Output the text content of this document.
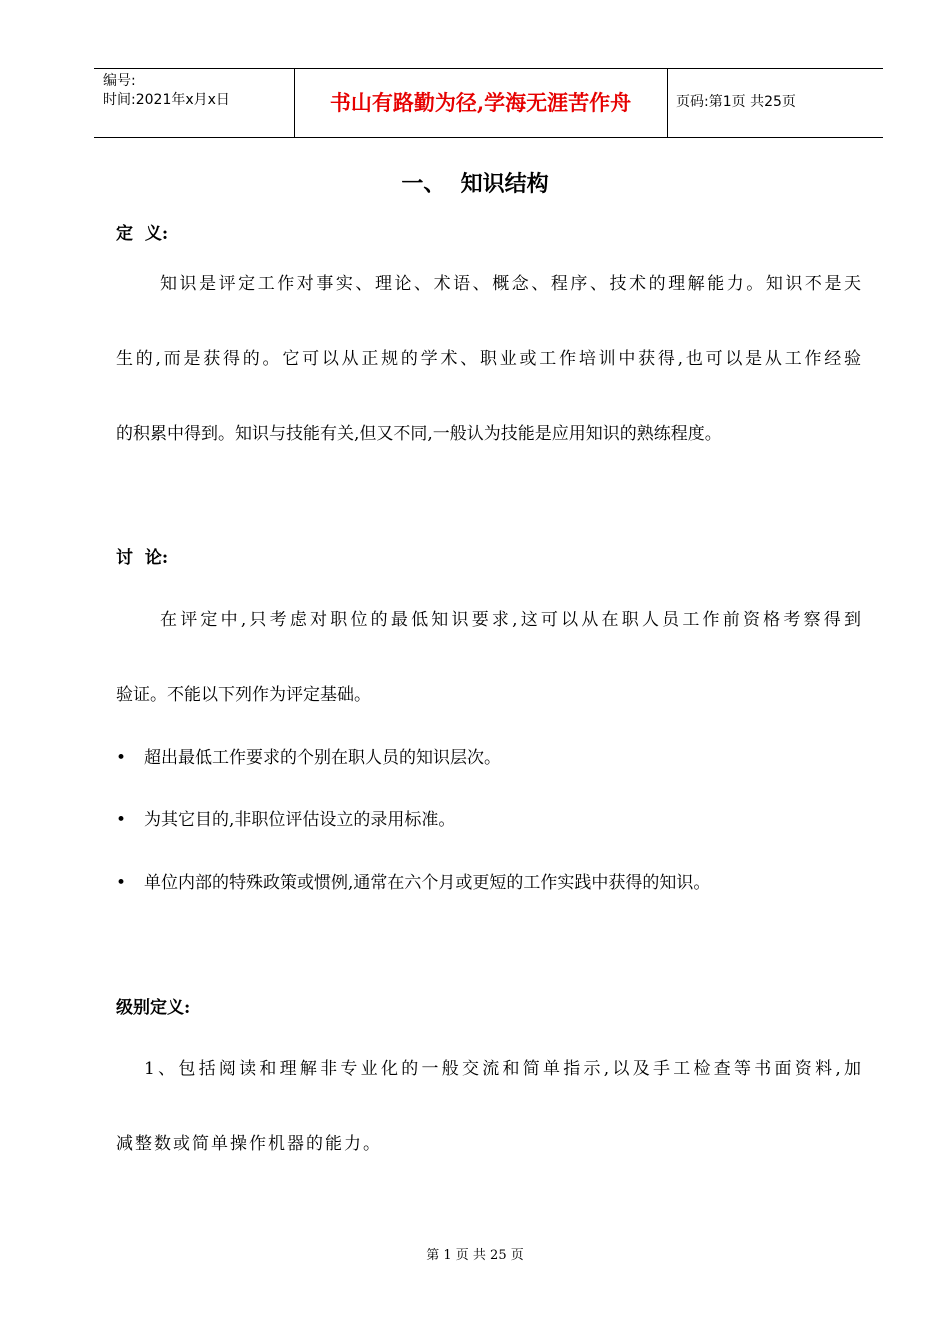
编号:
时间:2021年x月x日	书山有路勤为径,学海无涯苦作舟	页码:第1页 共25页
一、  知识结构
定  义:
知识是评定工作对事实、理论、术语、概念、程序、技术的理解能力。知识不是天
生的,而是获得的。它可以从正规的学术、职业或工作培训中获得,也可以是从工作经验
的积累中得到。知识与技能有关,但又不同,一般认为技能是应用知识的熟练程度。
讨  论:
在评定中,只考虑对职位的最低知识要求,这可以从在职人员工作前资格考察得到
验证。不能以下列作为评定基础。
• 超出最低工作要求的个别在职人员的知识层次。
• 为其它目的,非职位评估设立的录用标准。
• 单位内部的特殊政策或惯例,通常在六个月或更短的工作实践中获得的知识。
级别定义:
1、包括阅读和理解非专业化的一般交流和简单指示,以及手工检查等书面资料,加
减整数或简单操作机器的能力。
第 1 页 共 25 页
